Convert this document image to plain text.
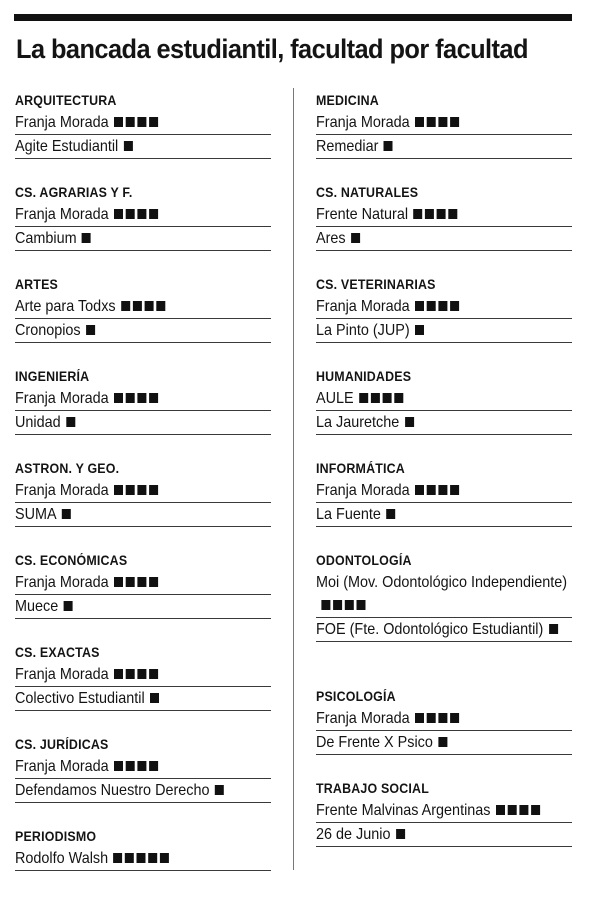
La bancada estudiantil, facultad por facultad
ARQUITECTURA
Franja Morada
Agite Estudiantil
CS. AGRARIAS Y F.
Franja Morada
Cambium
ARTES
Arte para Todxs
Cronopios
INGENIERÍA
Franja Morada
Unidad
ASTRON. Y GEO.
Franja Morada
SUMA
CS. ECONÓMICAS
Franja Morada
Muece
CS. EXACTAS
Franja Morada
Colectivo Estudiantil
CS. JURÍDICAS
Franja Morada
Defendamos Nuestro Derecho
PERIODISMO
Rodolfo Walsh
MEDICINA
Franja Morada
Remediar
CS. NATURALES
Frente Natural
Ares
CS. VETERINARIAS
Franja Morada
La Pinto (JUP)
HUMANIDADES
AULE
La Jauretche
INFORMÁTICA
Franja Morada
La Fuente
ODONTOLOGÍA
Moi (Mov. Odontológico Independiente)
FOE (Fte. Odontológico Estudiantil)
PSICOLOGÍA
Franja Morada
De Frente X Psico
TRABAJO SOCIAL
Frente Malvinas Argentinas
26 de Junio
